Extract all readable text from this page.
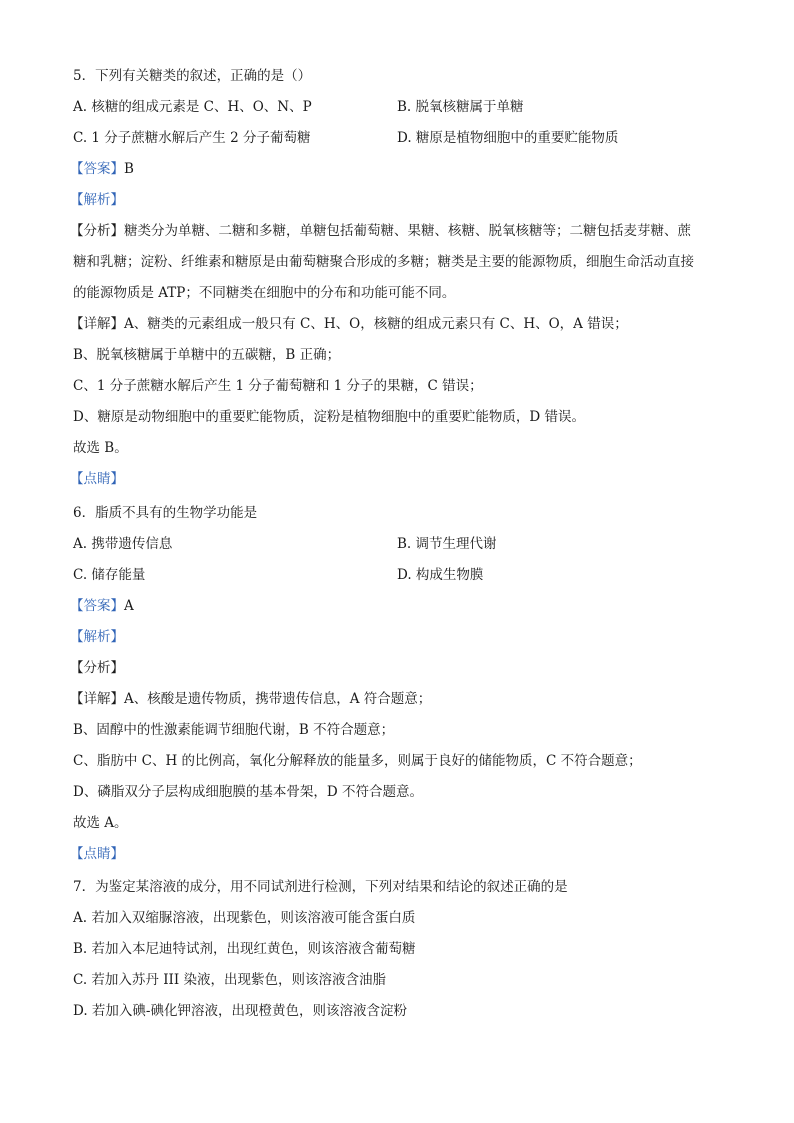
5．下列有关糖类的叙述，正确的是（）
A. 核糖的组成元素是 C、H、O、N、P	B. 脱氧核糖属于单糖
C. 1 分子蔗糖水解后产生 2 分子葡萄糖	D. 糖原是植物细胞中的重要贮能物质
【答案】B
【解析】
【分析】糖类分为单糖、二糖和多糖，单糖包括葡萄糖、果糖、核糖、脱氧核糖等；二糖包括麦芽糖、蔗
糖和乳糖；淀粉、纤维素和糖原是由葡萄糖聚合形成的多糖；糖类是主要的能源物质，细胞生命活动直接
的能源物质是 ATP；不同糖类在细胞中的分布和功能可能不同。
【详解】A、糖类的元素组成一般只有 C、H、O，核糖的组成元素只有 C、H、O，A 错误；
B、脱氧核糖属于单糖中的五碳糖，B 正确；
C、1 分子蔗糖水解后产生 1 分子葡萄糖和 1 分子的果糖，C 错误；
D、糖原是动物细胞中的重要贮能物质，淀粉是植物细胞中的重要贮能物质，D 错误。
故选 B。
【点睛】
6．脂质不具有的生物学功能是
A. 携带遗传信息	B. 调节生理代谢
C. 储存能量	D. 构成生物膜
【答案】A
【解析】
【分析】
【详解】A、核酸是遗传物质，携带遗传信息，A 符合题意；
B、固醇中的性激素能调节细胞代谢，B 不符合题意；
C、脂肪中 C、H 的比例高，氧化分解释放的能量多，则属于良好的储能物质，C 不符合题意；
D、磷脂双分子层构成细胞膜的基本骨架，D 不符合题意。
故选 A。
【点睛】
7．为鉴定某溶液的成分，用不同试剂进行检测，下列对结果和结论的叙述正确的是
A. 若加入双缩脲溶液，出现紫色，则该溶液可能含蛋白质
B. 若加入本尼迪特试剂，出现红黄色，则该溶液含葡萄糖
C. 若加入苏丹 III 染液，出现紫色，则该溶液含油脂
D. 若加入碘-碘化钾溶液，出现橙黄色，则该溶液含淀粉
